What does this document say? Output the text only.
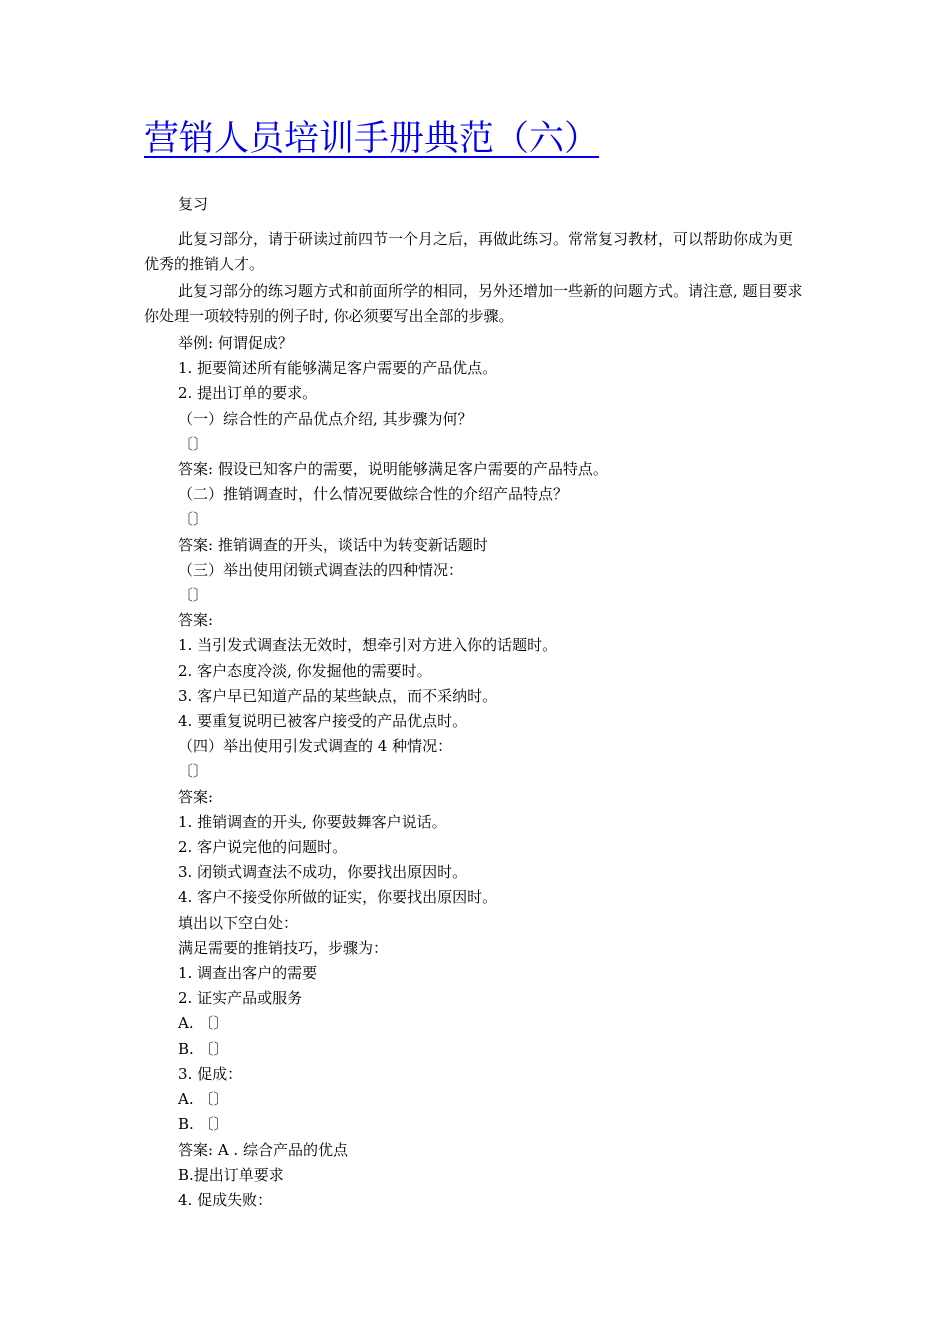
营销人员培训手册典范（六）

复习

此复习部分，请于研读过前四节一个月之后，再做此练习。常常复习教材，可以帮助你成为更优秀的推销人才。

此复习部分的练习题方式和前面所学的相同，另外还增加一些新的问题方式。请注意, 题目要求你处理一项较特别的例子时, 你必须要写出全部的步骤。

举例: 何谓促成？

1. 扼要简述所有能够满足客户需要的产品优点。

2. 提出订单的要求。

（一）综合性的产品优点介绍, 其步骤为何？

〔〕

答案: 假设已知客户的需要，说明能够满足客户需要的产品特点。

（二）推销调查时，什么情况要做综合性的介绍产品特点？

〔〕

答案: 推销调查的开头，谈话中为转变新话题时

（三）举出使用闭锁式调查法的四种情况：

〔〕

答案:

1. 当引发式调查法无效时，想牵引对方进入你的话题时。

2. 客户态度冷淡, 你发掘他的需要时。

3. 客户早已知道产品的某些缺点，而不采纳时。

4. 要重复说明已被客户接受的产品优点时。

（四）举出使用引发式调查的 4 种情况：

〔〕

答案:

1. 推销调查的开头, 你要鼓舞客户说话。

2. 客户说完他的问题时。

3. 闭锁式调查法不成功，你要找出原因时。

4. 客户不接受你所做的证实，你要找出原因时。

填出以下空白处：

满足需要的推销技巧，步骤为：

1. 调查出客户的需要

2. 证实产品或服务

A. 〔〕

B. 〔〕

3. 促成：

A. 〔〕

B. 〔〕

答案: A . 综合产品的优点

B.提出订单要求

4. 促成失败：
